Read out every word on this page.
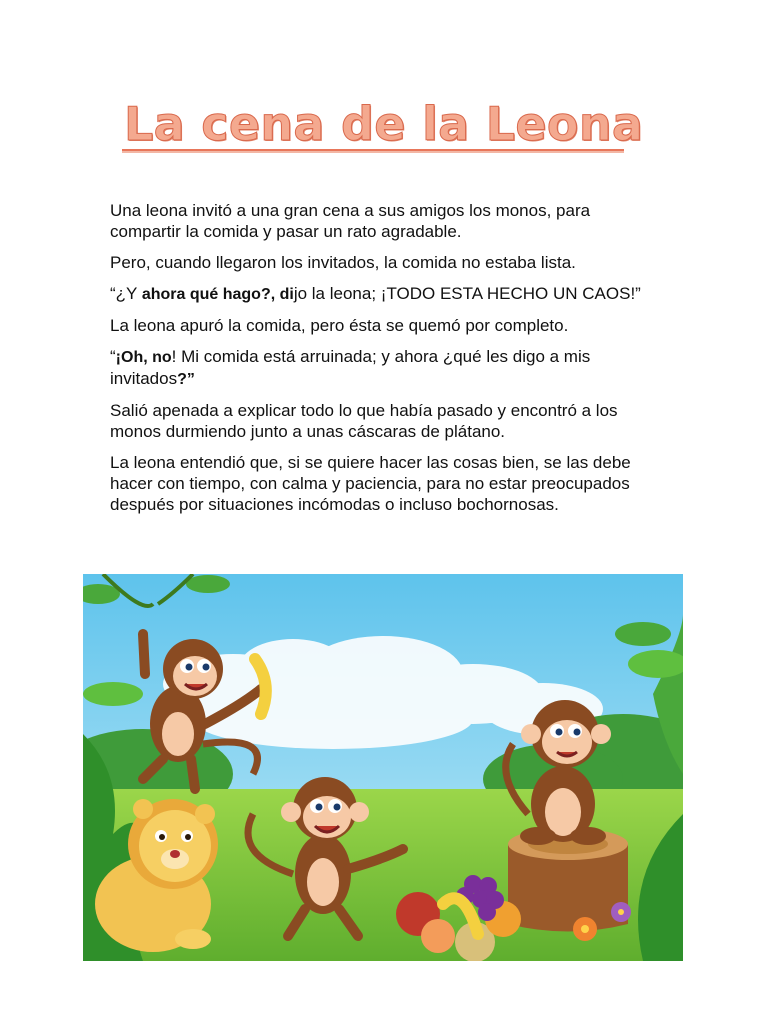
La cena de la Leona

Una leona invitó a una gran cena a sus amigos los monos, para compartir la comida y pasar un rato agradable.

Pero, cuando llegaron los invitados, la comida no estaba lista.

“¿Y ahora qué hago?, dijo la leona; ¡TODO ESTA HECHO UN CAOS!”

La leona apuró la comida, pero ésta se quemó por completo.

“¡Oh, no! Mi comida está arruinada; y ahora ¿qué les digo a mis invitados?”

Salió apenada a explicar todo lo que había pasado y encontró a los monos durmiendo junto a unas cáscaras de plátano.

La leona entendió que, si se quiere hacer las cosas bien, se las debe hacer con tiempo, con calma y paciencia, para no estar preocupados después por situaciones incómodas o incluso bochornosas.
